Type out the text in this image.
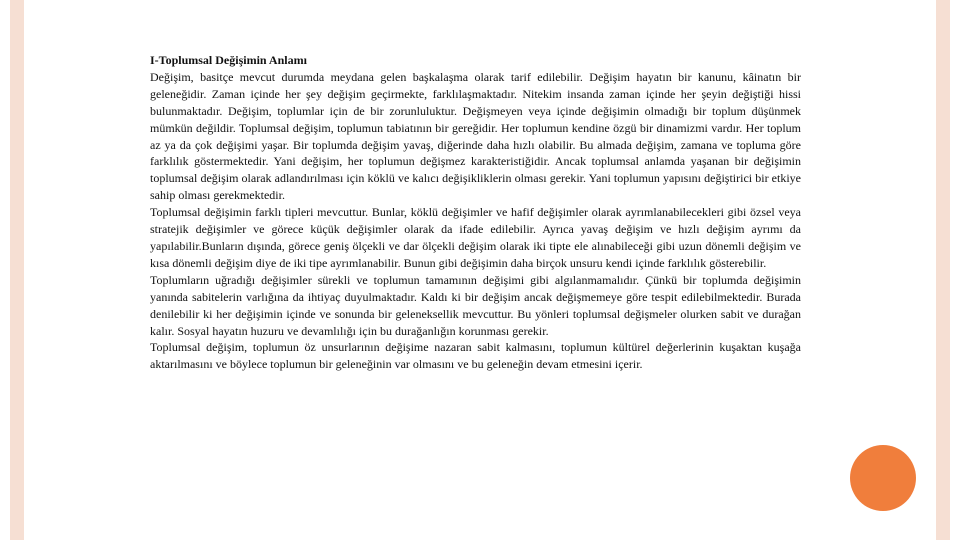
I-Toplumsal Değişimin Anlamı

Değişim, basitçe mevcut durumda meydana gelen başkalaşma olarak tarif edilebilir. Değişim hayatın bir kanunu, kâinatın bir geleneğidir. Zaman içinde her şey değişim geçirmekte, farklılaşmaktadır. Nitekim insanda zaman içinde her şeyin değiştiği hissi bulunmaktadır. Değişim, toplumlar için de bir zorunluluktur. Değişmeyen veya içinde değişimin olmadığı bir toplum düşünmek mümkün değildir. Toplumsal değişim, toplumun tabiatının bir gereğidir. Her toplumun kendine özgü bir dinamizmi vardır. Her toplum az ya da çok değişimi yaşar. Bir toplumda değişim yavaş, diğerinde daha hızlı olabilir. Bu almada değişim, zamana ve topluma göre farklılık göstermektedir. Yani değişim, her toplumun değişmez karakteristiğidir. Ancak toplumsal anlamda yaşanan bir değişimin toplumsal değişim olarak adlandırılması için köklü ve kalıcı değişikliklerin olması gerekir. Yani toplumun yapısını değiştirici bir etkiye sahip olması gerekmektedir.

Toplumsal değişimin farklı tipleri mevcuttur. Bunlar, köklü değişimler ve hafif değişimler olarak ayrımlanabilecekleri gibi özsel veya stratejik değişimler ve görece küçük değişimler olarak da ifade edilebilir. Ayrıca yavaş değişim ve hızlı değişim ayrımı da yapılabilir.Bunların dışında, görece geniş ölçekli ve dar ölçekli değişim olarak iki tipte ele alınabileceği gibi uzun dönemli değişim ve kısa dönemli değişim diye de iki tipe ayrımlanabilir. Bunun gibi değişimin daha birçok unsuru kendi içinde farklılık gösterebilir.

Toplumların uğradığı değişimler sürekli ve toplumun tamamının değişimi gibi algılanmamalıdır. Çünkü bir toplumda değişimin yanında sabitelerin varlığına da ihtiyaç duyulmaktadır. Kaldı ki bir değişim ancak değişmemeye göre tespit edilebilmektedir. Burada denilebilir ki her değişimin içinde ve sonunda bir geleneksellik mevcuttur. Bu yönleri toplumsal değişmeler olurken sabit ve durağan kalır. Sosyal hayatın huzuru ve devamlılığı için bu durağanlığın korunması gerekir.

Toplumsal değişim, toplumun öz unsurlarının değişime nazaran sabit kalmasını, toplumun kültürel değerlerinin kuşaktan kuşağa aktarılmasını ve böylece toplumun bir geleneğinin var olmasını ve bu geleneğin devam etmesini içerir.
